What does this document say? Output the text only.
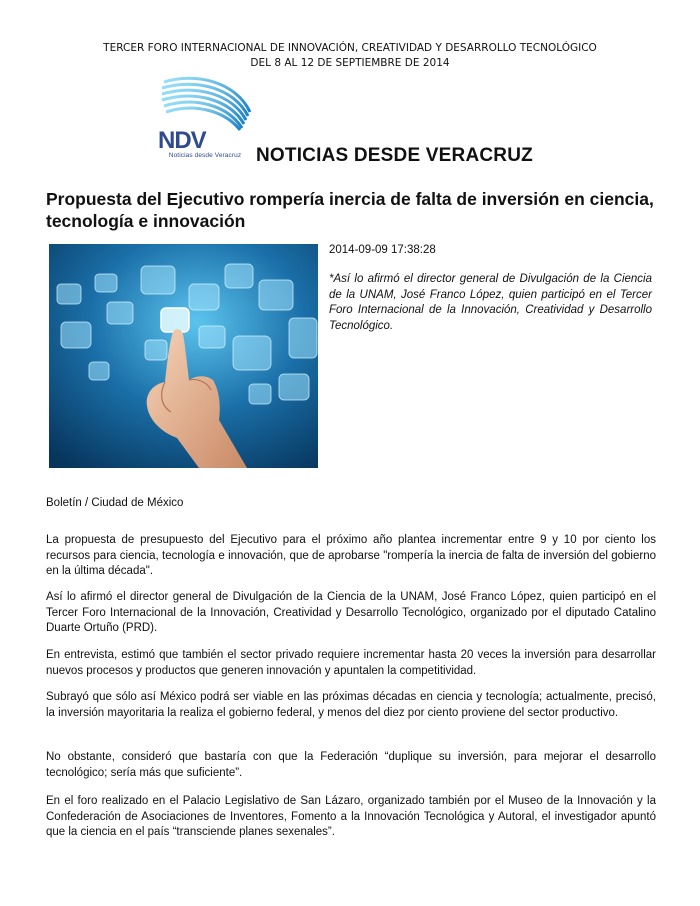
TERCER FORO INTERNACIONAL DE INNOVACIÓN, CREATIVIDAD Y DESARROLLO TECNOLÓGICO
DEL 8 AL 12 DE SEPTIEMBRE DE 2014
NDV
Noticias desde Veracruz NOTICIAS DESDE VERACRUZ
Propuesta del Ejecutivo rompería inercia de falta de inversión en ciencia, tecnología e innovación
2014-09-09 17:38:28
*Así lo afirmó el director general de Divulgación de la Ciencia de la UNAM, José Franco López, quien participó en el Tercer Foro Internacional de la Innovación, Creatividad y Desarrollo Tecnológico.
Boletín / Ciudad de México
La propuesta de presupuesto del Ejecutivo para el próximo año plantea incrementar entre 9 y 10 por ciento los recursos para ciencia, tecnología e innovación, que de aprobarse "rompería la inercia de falta de inversión del gobierno en la última década".
Así lo afirmó el director general de Divulgación de la Ciencia de la UNAM, José Franco López, quien participó en el Tercer Foro Internacional de la Innovación, Creatividad y Desarrollo Tecnológico, organizado por el diputado Catalino Duarte Ortuño (PRD).
En entrevista, estimó que también el sector privado requiere incrementar hasta 20 veces la inversión para desarrollar nuevos procesos y productos que generen innovación y apuntalen la competitividad.
Subrayó que sólo así México podrá ser viable en las próximas décadas en ciencia y tecnología; actualmente, precisó, la inversión mayoritaria la realiza el gobierno federal, y menos del diez por ciento proviene del sector productivo.
No obstante, consideró que bastaría con que la Federación “duplique su inversión, para mejorar el desarrollo tecnológico; sería más que suficiente”.
En el foro realizado en el Palacio Legislativo de San Lázaro, organizado también por el Museo de la Innovación y la Confederación de Asociaciones de Inventores, Fomento a la Innovación Tecnológica y Autoral, el investigador apuntó que la ciencia en el país “transciende planes sexenales”.
